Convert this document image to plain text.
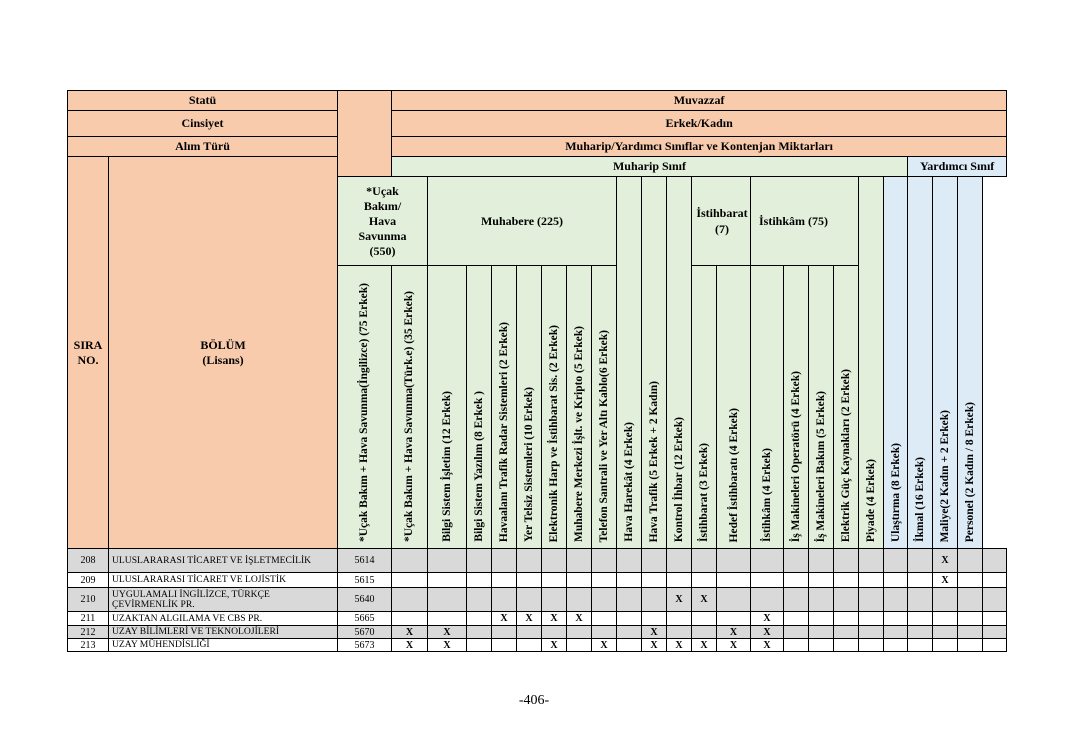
Statü			Muvazzaf																						
Cinsiyet			Erkek/Kadın																						
Alım Türü			Muharip/Yardımcı Sınıflar ve Kontenjan Miktarları																						

SIRA NO.	BÖLÜM (Lisans)		Muharip Sınıf																			Yardımcı Sınıf			

		*Uçak Bakım/ Hava Savunma (550)		Muhabere (225)							Hava Harekât (4 Erkek)	Hava Trafik (5 Erkek + 2 Kadın)	Kontrol İhbar (12 Erkek)	İstihbarat (7)		İstihkâm (75)				Piyade (4 Erkek)	Ulaştırma (8 Erkek)	İkmal (16 Erkek)	Maliye(2 Kadın + 2 Erkek)	Personel (2 Kadın / 8 Erkek)	
		*Uçak Bakım + Hava Savunma(İngilizce) (75 Erkek)	*Uçak Bakım + Hava Savunma(Türk.e) (35 Erkek)	Bilgi Sistem İşletim (12 Erkek)	Bilgi Sistem Yazılım (8 Erkek )	Havaalanı Trafik Radar Sistemleri (2 Erkek)	Yer Telsiz Sistemleri (10 Erkek)	Elektronik Harp ve İstihbarat Sis. (2 Erkek)	Muhabere Merkezi İşlt. ve Kripto (5 Erkek)	Telefon Santrali ve Yer Altı Kablo(6 Erkek)				İstihbarat (3 Erkek)	Hedef İstihbaratı (4 Erkek)	İstihkâm (4 Erkek)	İş Makineleri Operatörü (4 Erkek)	İş Makineleri Bakım (5 Erkek)	Elektrik Güç Kaynakları (2 Erkek)						
208	ULUSLARARASI TİCARET VE İŞLETMECİLİK	5614																					X		
209	ULUSLARARASI TİCARET VE LOJİSTİK	5615																					X		
210	UYGULAMALI İNGİLİZCE, TÜRKÇE ÇEVİRMENLİK PR.	5640											X	X											
211	UZAKTAN ALGILAMA VE CBS PR.	5665				X	X	X	X							X									
212	UZAY BİLİMLERİ VE TEKNOLOJİLERİ	5670	X	X								X			X	X									
213	UZAY MÜHENDİSLİĞİ	5673	X	X				X		X		X	X	X	X	X									
-406-
